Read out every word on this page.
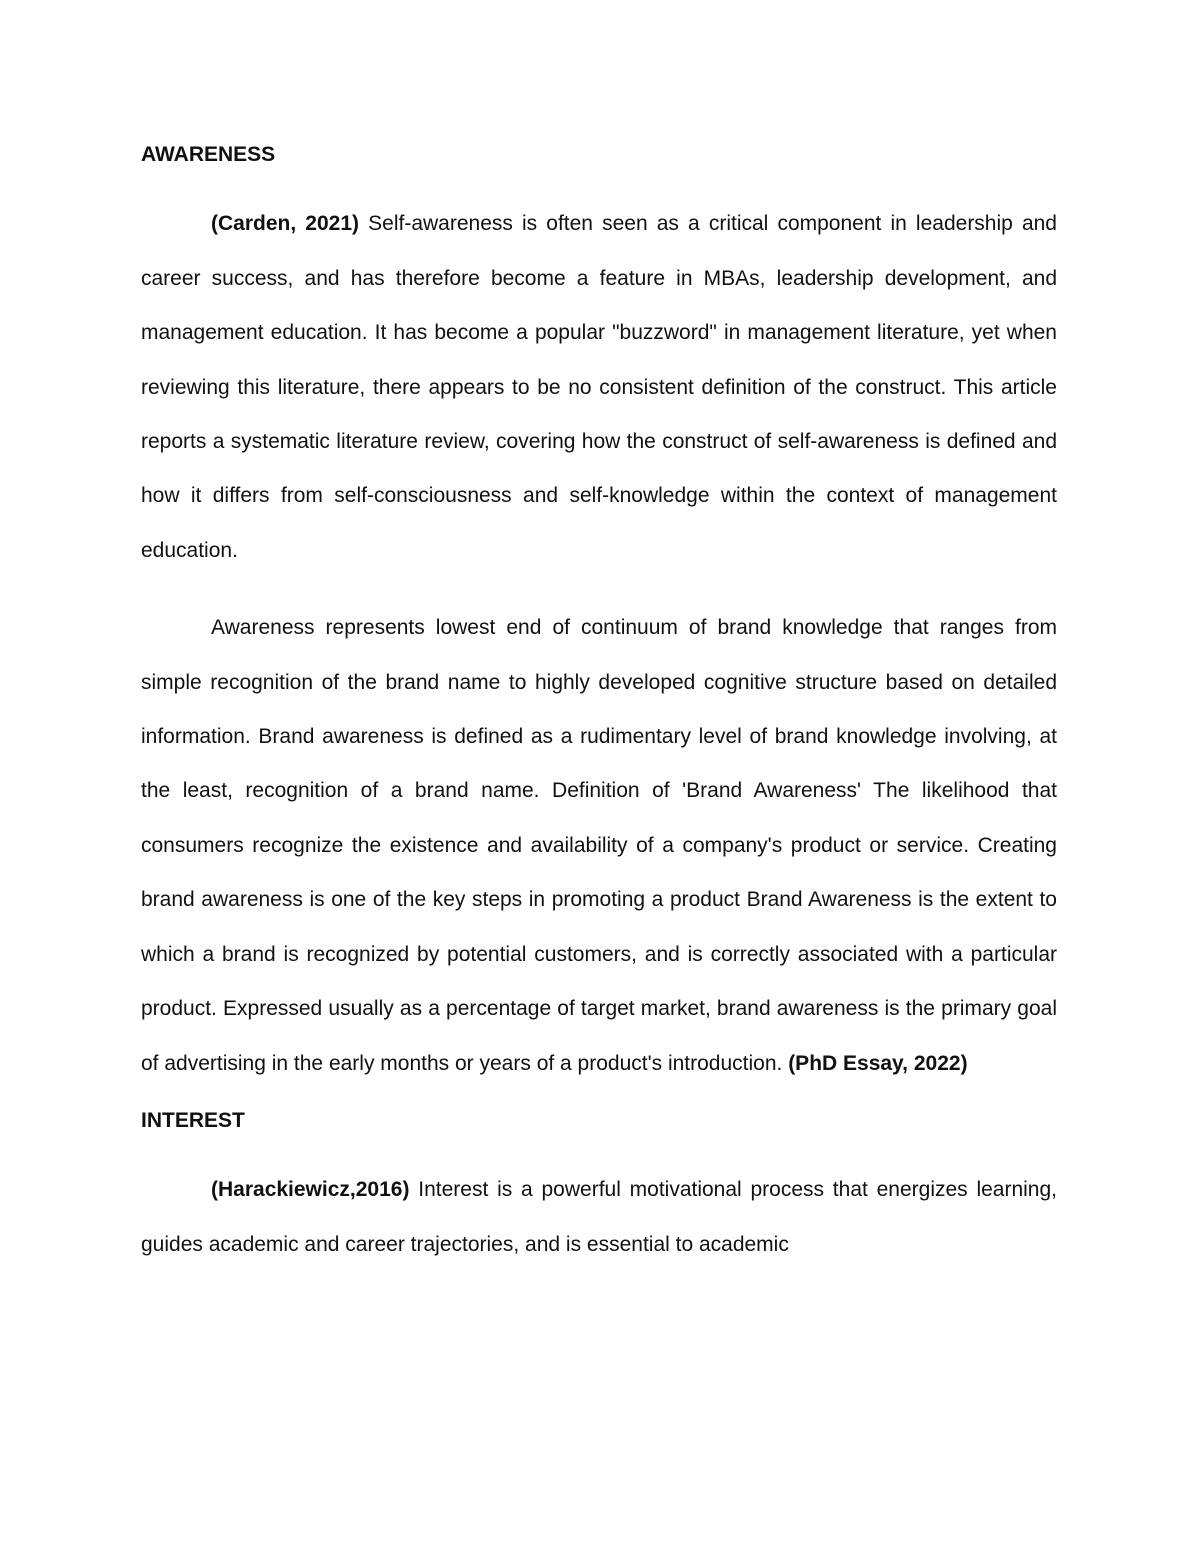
AWARENESS

(Carden, 2021) Self-awareness is often seen as a critical component in leadership and career success, and has therefore become a feature in MBAs, leadership development, and management education. It has become a popular "buzzword" in management literature, yet when reviewing this literature, there appears to be no consistent definition of the construct. This article reports a systematic literature review, covering how the construct of self-awareness is defined and how it differs from self-consciousness and self-knowledge within the context of management education.

Awareness represents lowest end of continuum of brand knowledge that ranges from simple recognition of the brand name to highly developed cognitive structure based on detailed information. Brand awareness is defined as a rudimentary level of brand knowledge involving, at the least, recognition of a brand name. Definition of 'Brand Awareness' The likelihood that consumers recognize the existence and availability of a company's product or service. Creating brand awareness is one of the key steps in promoting a product Brand Awareness is the extent to which a brand is recognized by potential customers, and is correctly associated with a particular product. Expressed usually as a percentage of target market, brand awareness is the primary goal of advertising in the early months or years of a product's introduction. (PhD Essay, 2022)

INTEREST

(Harackiewicz,2016) Interest is a powerful motivational process that energizes learning, guides academic and career trajectories, and is essential to academic
